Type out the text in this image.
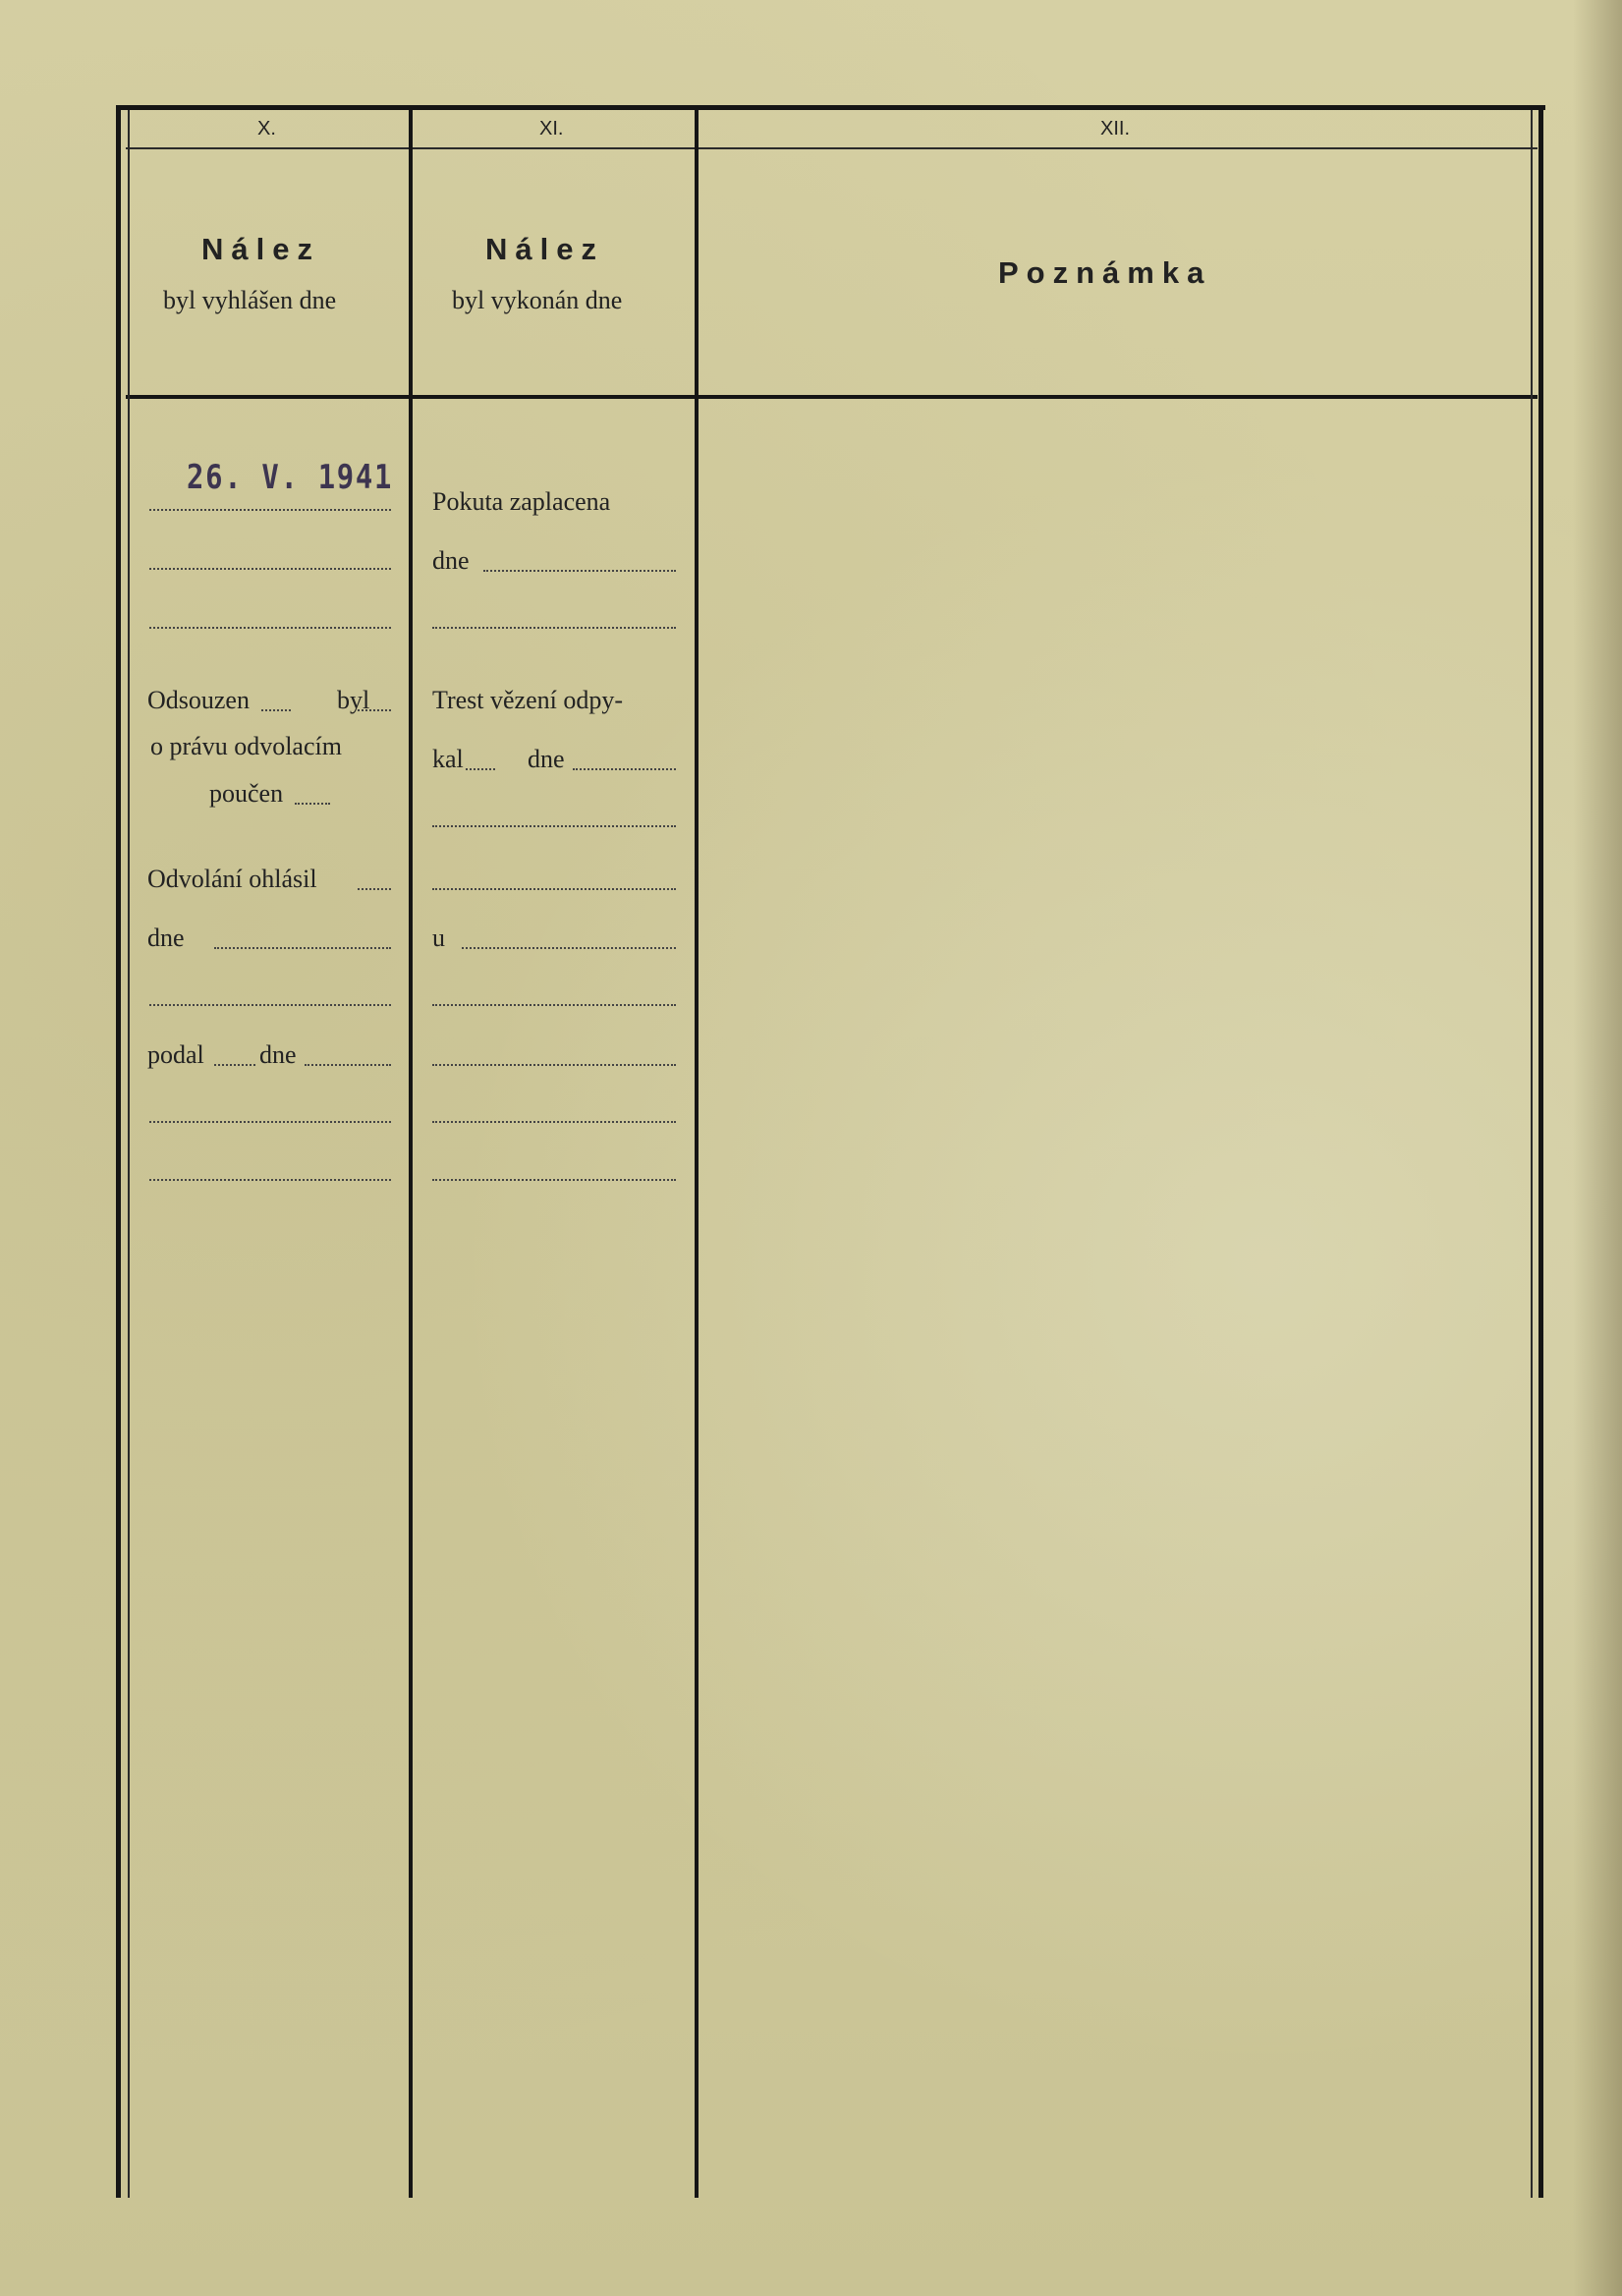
X.
Nález
byl vyhlášen dne
XI.
Nález
byl vykonán dne
XII.
Poznámka
26. V. 1941
Odsouzen	byl
o právu odvolacím
poučen
Odvolání ohlásil
dne
podal dne
Pokuta zaplacena
dne
Trest vězení odpy-
kal	dne
u
